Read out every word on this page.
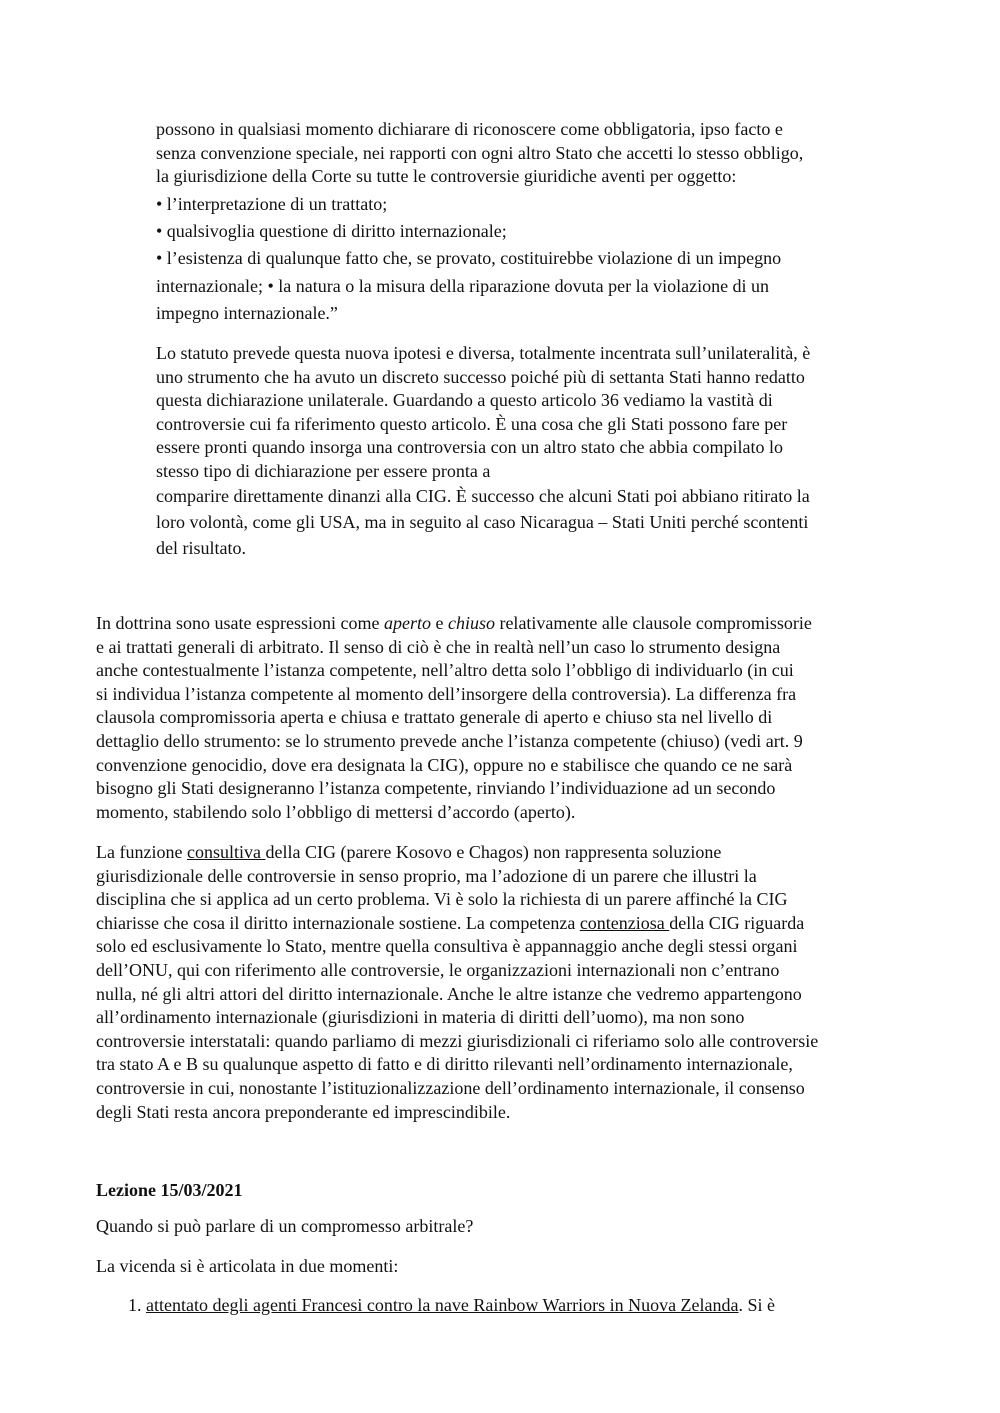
possono in qualsiasi momento dichiarare di riconoscere come obbligatoria, ipso facto e
senza convenzione speciale, nei rapporti con ogni altro Stato che accetti lo stesso obbligo,
la giurisdizione della Corte su tutte le controversie giuridiche aventi per oggetto:
• l’interpretazione di un trattato;
• qualsivoglia questione di diritto internazionale;
• l’esistenza di qualunque fatto che, se provato, costituirebbe violazione di un impegno
internazionale; • la natura o la misura della riparazione dovuta per la violazione di un
impegno internazionale.”
Lo statuto prevede questa nuova ipotesi e diversa, totalmente incentrata sull’unilateralità, è
uno strumento che ha avuto un discreto successo poiché più di settanta Stati hanno redatto
questa dichiarazione unilaterale. Guardando a questo articolo 36 vediamo la vastità di
controversie cui fa riferimento questo articolo. È una cosa che gli Stati possono fare per
essere pronti quando insorga una controversia con un altro stato che abbia compilato lo
stesso tipo di dichiarazione per essere pronta a
comparire direttamente dinanzi alla CIG. È successo che alcuni Stati poi abbiano ritirato la
loro volontà, come gli USA, ma in seguito al caso Nicaragua – Stati Uniti perché scontenti
del risultato.
In dottrina sono usate espressioni come aperto e chiuso relativamente alle clausole compromissorie
e ai trattati generali di arbitrato. Il senso di ciò è che in realtà nell’un caso lo strumento designa
anche contestualmente l’istanza competente, nell’altro detta solo l’obbligo di individuarlo (in cui
si individua l’istanza competente al momento dell’insorgere della controversia). La differenza fra
clausola compromissoria aperta e chiusa e trattato generale di aperto e chiuso sta nel livello di
dettaglio dello strumento: se lo strumento prevede anche l’istanza competente (chiuso) (vedi art. 9
convenzione genocidio, dove era designata la CIG), oppure no e stabilisce che quando ce ne sarà
bisogno gli Stati designeranno l’istanza competente, rinviando l’individuazione ad un secondo
momento, stabilendo solo l’obbligo di mettersi d’accordo (aperto).
La funzione consultiva della CIG (parere Kosovo e Chagos) non rappresenta soluzione
giurisdizionale delle controversie in senso proprio, ma l’adozione di un parere che illustri la
disciplina che si applica ad un certo problema. Vi è solo la richiesta di un parere affinché la CIG
chiarisse che cosa il diritto internazionale sostiene. La competenza contenziosa della CIG riguarda
solo ed esclusivamente lo Stato, mentre quella consultiva è appannaggio anche degli stessi organi
dell’ONU, qui con riferimento alle controversie, le organizzazioni internazionali non c’entrano
nulla, né gli altri attori del diritto internazionale. Anche le altre istanze che vedremo appartengono
all’ordinamento internazionale (giurisdizioni in materia di diritti dell’uomo), ma non sono
controversie interstatali: quando parliamo di mezzi giurisdizionali ci riferiamo solo alle controversie
tra stato A e B su qualunque aspetto di fatto e di diritto rilevanti nell’ordinamento internazionale,
controversie in cui, nonostante l’istituzionalizzazione dell’ordinamento internazionale, il consenso
degli Stati resta ancora preponderante ed imprescindibile.
Lezione 15/03/2021
Quando si può parlare di un compromesso arbitrale?
La vicenda si è articolata in due momenti:
1. attentato degli agenti Francesi contro la nave Rainbow Warriors in Nuova Zelanda. Si è
